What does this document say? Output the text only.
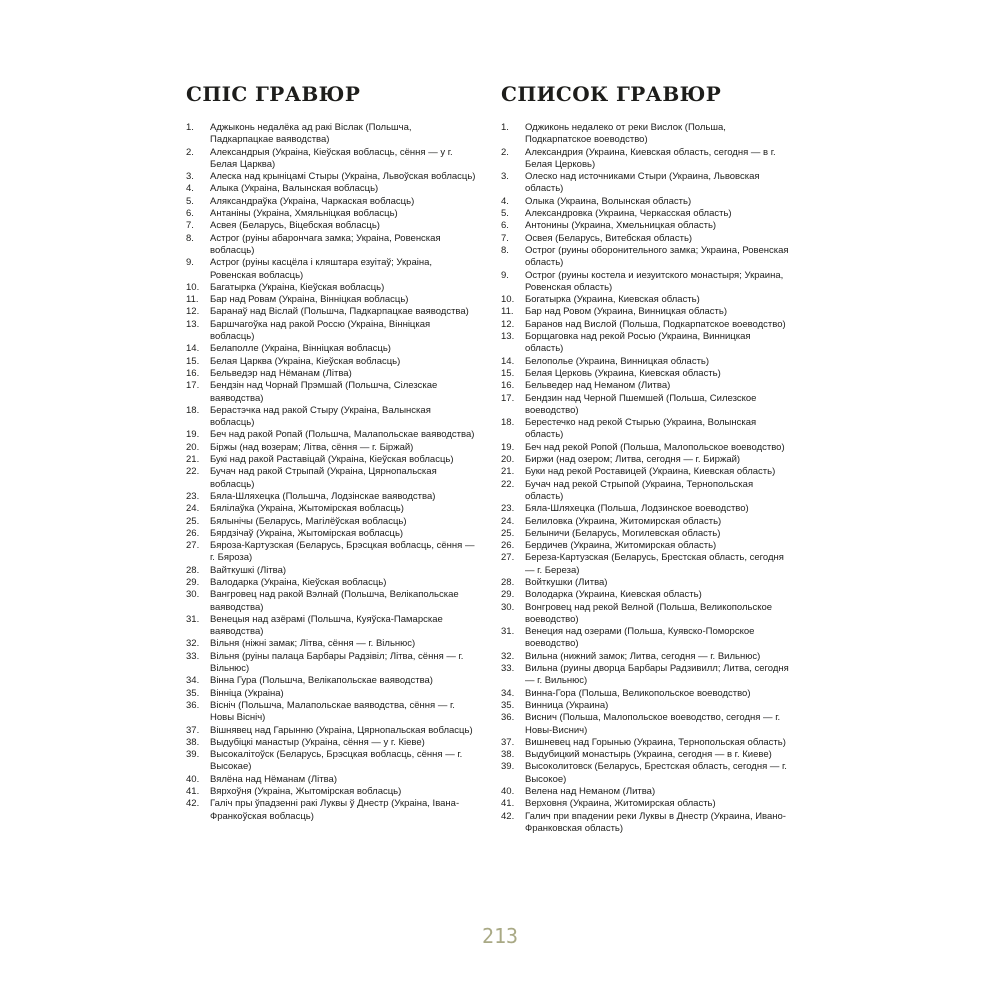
СПІС ГРАВЮР
1.	Аджыконь недалёка ад ракі Віслак (Польшча, Падкарпацкае ваяводства)
2.	Александрыя (Украіна, Кіеўская вобласць, сёння — у г. Белая Царква)
3.	Алеска над крыніцамі Стыры (Украіна, Львоўская вобласць)
4.	Алыка (Украіна, Валынская вобласць)
5.	Аляксандраўка (Украіна, Чаркаская вобласць)
6.	Антаніны (Украіна, Хмяльніцкая вобласць)
7.	Асвея (Беларусь, Віцебская вобласць)
8.	Астрог (руіны абарончага замка; Украіна, Ровенская вобласць)
9.	Астрог (руіны касцёла і кляштара езуітаў; Украіна, Ровенская вобласць)
10.	Багатырка (Украіна, Кіеўская вобласць)
11.	Бар над Ровам (Украіна, Вінніцкая вобласць)
12.	Баранаў над Віслай (Польшча, Падкарпацкае ваяводства)
13.	Баршчагоўка над ракой Россю (Украіна, Вінніцкая вобласць)
14.	Белаполле (Украіна, Вінніцкая вобласць)
15.	Белая Царква (Украіна, Кіеўская вобласць)
16.	Бельведэр над Нёманам (Літва)
17.	Бендзін над Чорнай Прэмшай (Польшча, Сілезскае ваяводства)
18.	Берастэчка над ракой Стыру (Украіна, Валынская вобласць)
19.	Беч над ракой Ропай (Польшча, Малапольскае ваяводства)
20.	Біржы (над возерам; Літва, сёння — г. Біржай)
21.	Букі над ракой Раставіцай (Украіна, Кіеўская вобласць)
22.	Бучач над ракой Стрыпай (Украіна, Цярнопальская вобласць)
23.	Бяла-Шляхецка (Польшча, Лодзінскае ваяводства)
24.	Бяліла​ўка (Украіна, Жытомірская вобласць)
25.	Бялынічы (Беларусь, Магілёўская вобласць)
26.	Бярдзічаў (Украіна, Жытомірская вобласць)
27.	Бяроза-Картузская (Беларусь, Брэсцкая вобласць, сёння — г. Бяроза)
28.	Вайткушкі (Літва)
29.	Валодарка (Украіна, Кіеўская вобласць)
30.	Вангровец над ракой Вэлнай (Польшча, Велікапольскае ваяводства)
31.	Венецыя над азёрамі (Польшча, Куяўска-Памарскае ваяводства)
32.	Вільня (ніжні замак; Літва, сёння — г. Вільнюс)
33.	Вільня (руіны палаца Барбары Радзівіл; Літва, сёння — г. Вільнюс)
34.	Вінна Гура (Польшча, Велікапольскае ваяводства)
35.	Вінніца (Украіна)
36.	Вісніч (Польшча, Малапольскае ваяводства, сёння — г. Новы Вісніч)
37.	Вішнявец над Гарынню (Украіна, Цярнопальская вобласць)
38.	Выдубіцкі манастыр (Украіна, сёння — у г. Кіеве)
39.	Высокалітоўск (Беларусь, Брэсцкая вобласць, сёння — г. Высокае)
40.	Вялёна над Нёманам (Літва)
41.	Вярхоўня (Украіна, Жытомірская вобласць)
42.	Галіч пры ўпадзенні ракі Луквы ў Днестр (Украіна, Івана-Франкоўская вобласць)
СПИСОК ГРАВЮР
1.	Оджиконь недалеко от реки Вислок (Польша, Подкарпатское воеводство)
2.	Александрия (Украина, Киевская область, сегодня — в г. Белая Церковь)
3.	Олеско над источниками Стыри (Украина, Львовская область)
4.	Олыка (Украина, Волынская область)
5.	Александровка (Украина, Черкасская область)
6.	Антонины (Украина, Хмельницкая область)
7.	Освея (Беларусь, Витебская область)
8.	Острог (руины оборонительного замка; Украина, Ровенская область)
9.	Острог (руины костела и иезуитского монастыря; Украина, Ровенская область)
10.	Богатырка (Украина, Киевская область)
11.	Бар над Ровом (Украина, Винницкая область)
12.	Баранов над Вислой (Польша, Подкарпатское воеводство)
13.	Борщаговка над рекой Росью (Украина, Винницкая область)
14.	Белополье (Украина, Винницкая область)
15.	Белая Церковь (Украина, Киевская область)
16.	Бельведер над Неманом (Литва)
17.	Бендзин над Черной Пшемшей (Польша, Силезское воеводство)
18.	Берестечко над рекой Стырью (Украина, Волынская область)
19.	Беч над рекой Ропой (Польша, Малопольское воеводство)
20.	Биржи (над озером; Литва, сегодня — г. Биржай)
21.	Буки над рекой Роставицей (Украина, Киевская область)
22.	Бучач над рекой Стрыпой (Украина, Тернопольская область)
23.	Бяла-Шляхецка (Польша, Лодзинское воеводство)
24.	Белиловка (Украина, Житомирская область)
25.	Белыничи (Беларусь, Могилевская область)
26.	Бердичев (Украина, Житомирская область)
27.	Береза-Картузская (Беларусь, Брестская область, сегодня — г. Береза)
28.	Войткушки (Литва)
29.	Володарка (Украина, Киевская область)
30.	Вонгровец над рекой Велной (Польша, Великопольское воеводство)
31.	Венеция над озерами (Польша, Куявско-Поморское воеводство)
32.	Вильна (нижний замок; Литва, сегодня — г. Вильнюс)
33.	Вильна (руины дворца Барбары Радзивилл; Литва, сегодня — г. Вильнюс)
34.	Винна-Гора (Польша, Великопольское воеводство)
35.	Винница (Украина)
36.	Виснич (Польша, Малопольское воеводство, сегодня — г. Новы-Виснич)
37.	Вишневец над Горынью (Украина, Тернопольская область)
38.	Выдубицкий монастырь (Украина, сегодня — в г. Киеве)
39.	Высоколитовск (Беларусь, Брестская область, сегодня — г. Высокое)
40.	Велена над Неманом (Литва)
41.	Верховня (Украина, Житомирская область)
42.	Галич при впадении реки Луквы в Днестр (Украина, Ивано-Франковская область)
213
